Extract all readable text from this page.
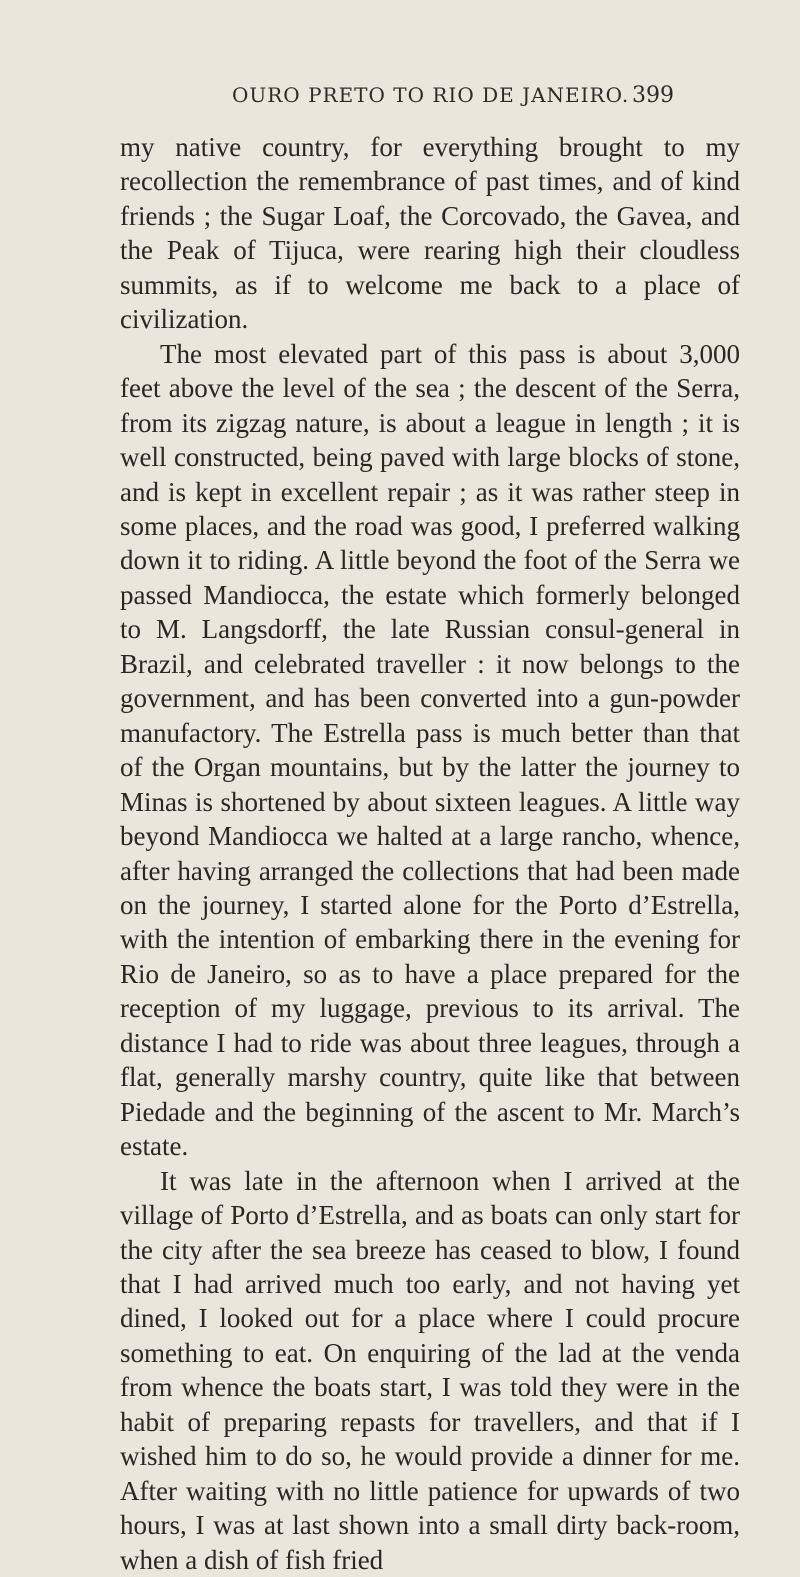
OURO PRETO TO RIO DE JANEIRO. 399

my native country, for everything brought to my recollection the remembrance of past times, and of kind friends ; the Sugar Loaf, the Corcovado, the Gavea, and the Peak of Tijuca, were rearing high their cloudless summits, as if to welcome me back to a place of civilization.

The most elevated part of this pass is about 3,000 feet above the level of the sea ; the descent of the Serra, from its zigzag nature, is about a league in length ; it is well constructed, being paved with large blocks of stone, and is kept in excellent repair ; as it was rather steep in some places, and the road was good, I preferred walking down it to riding. A little beyond the foot of the Serra we passed Mandiocca, the estate which formerly belonged to M. Langsdorff, the late Russian consul-general in Brazil, and celebrated traveller : it now belongs to the government, and has been converted into a gun-powder manufactory. The Estrella pass is much better than that of the Organ mountains, but by the latter the journey to Minas is shortened by about sixteen leagues. A little way beyond Mandiocca we halted at a large rancho, whence, after having arranged the collections that had been made on the journey, I started alone for the Porto d’Estrella, with the intention of embarking there in the evening for Rio de Janeiro, so as to have a place prepared for the reception of my luggage, previous to its arrival. The distance I had to ride was about three leagues, through a flat, generally marshy country, quite like that between Piedade and the beginning of the ascent to Mr. March’s estate.

It was late in the afternoon when I arrived at the village of Porto d’Estrella, and as boats can only start for the city after the sea breeze has ceased to blow, I found that I had arrived much too early, and not having yet dined, I looked out for a place where I could procure something to eat. On enquiring of the lad at the venda from whence the boats start, I was told they were in the habit of preparing repasts for travellers, and that if I wished him to do so, he would provide a dinner for me. After waiting with no little patience for upwards of two hours, I was at last shown into a small dirty back-room, when a dish of fish fried
